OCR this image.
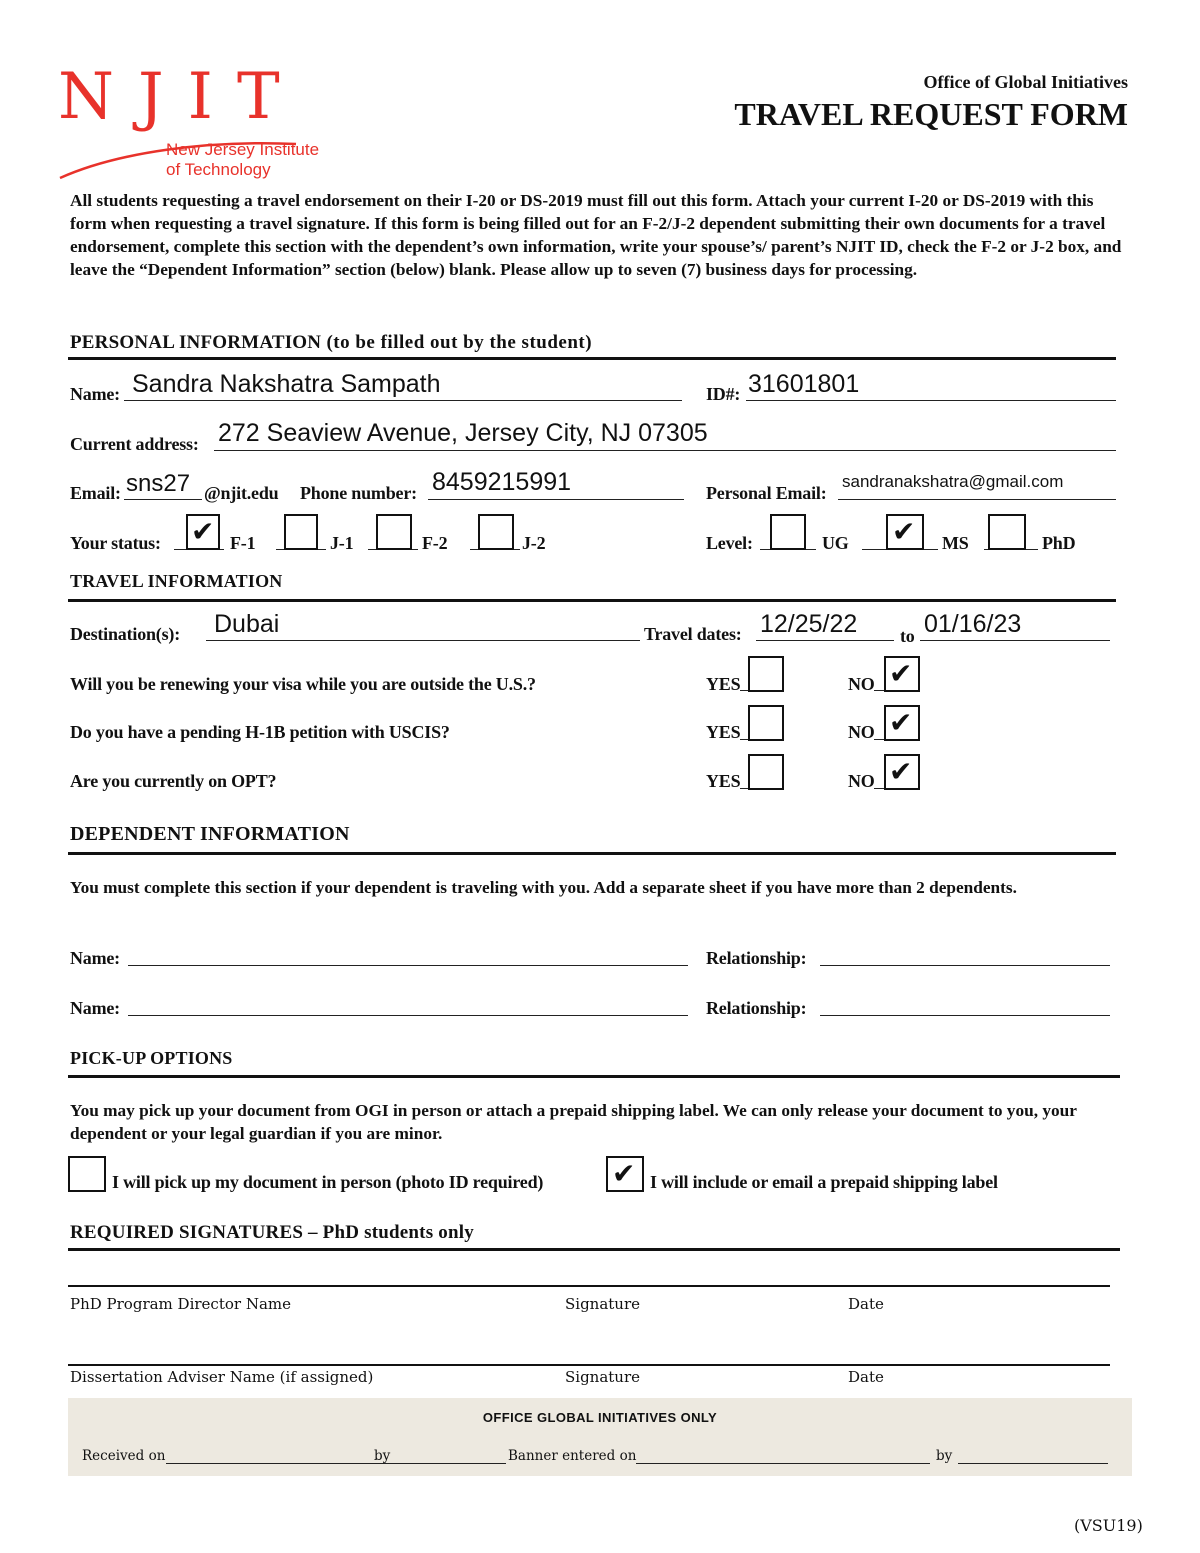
NJIT
New Jersey Institute
of Technology
Office of Global Initiatives
TRAVEL REQUEST FORM
All students requesting a travel endorsement on their I-20 or DS-2019 must fill out this form. Attach your current I-20 or DS-2019 with this form when requesting a travel signature. If this form is being filled out for an F-2/J-2 dependent submitting their own documents for a travel endorsement, complete this section with the dependent’s own information, write your spouse’s/ parent’s NJIT ID, check the F-2 or J-2 box, and leave the “Dependent Information” section (below) blank. Please allow up to seven (7) business days for processing.
PERSONAL INFORMATION (to be filled out by the student)
Name: Sandra Nakshatra Sampath	ID#: 31601801
Current address: 272 Seaview Avenue, Jersey City, NJ 07305
Email: sns27 @njit.edu Phone number: 8459215991	Personal Email:
sandranakshatra@gmail.com
Your status: ✔ F-1	J-1	F-2	J-2	Level:	UG ✔ MS	PhD
TRAVEL INFORMATION
Destination(s): Dubai	Travel dates: 12/25/22 to 01/16/23
Will you be renewing your visa while you are outside the U.S.?	YES	NO ✔
Do you have a pending H-1B petition with USCIS?	YES	NO ✔
Are you currently on OPT?	YES	NO ✔
DEPENDENT INFORMATION
You must complete this section if your dependent is traveling with you. Add a separate sheet if you have more than 2 dependents.
Name:	Relationship:
Name:	Relationship:
PICK-UP OPTIONS
You may pick up your document from OGI in person or attach a prepaid shipping label. We can only release your document to you, your dependent or your legal guardian if you are minor.
I will pick up my document in person (photo ID required) ✔ I will include or email a prepaid shipping label
REQUIRED SIGNATURES – PhD students only
PhD Program Director Name	Signature	Date
Dissertation Adviser Name (if assigned)	Signature	Date
OFFICE GLOBAL INITIATIVES ONLY
Received on	by	Banner entered on	by
(VSU19)
